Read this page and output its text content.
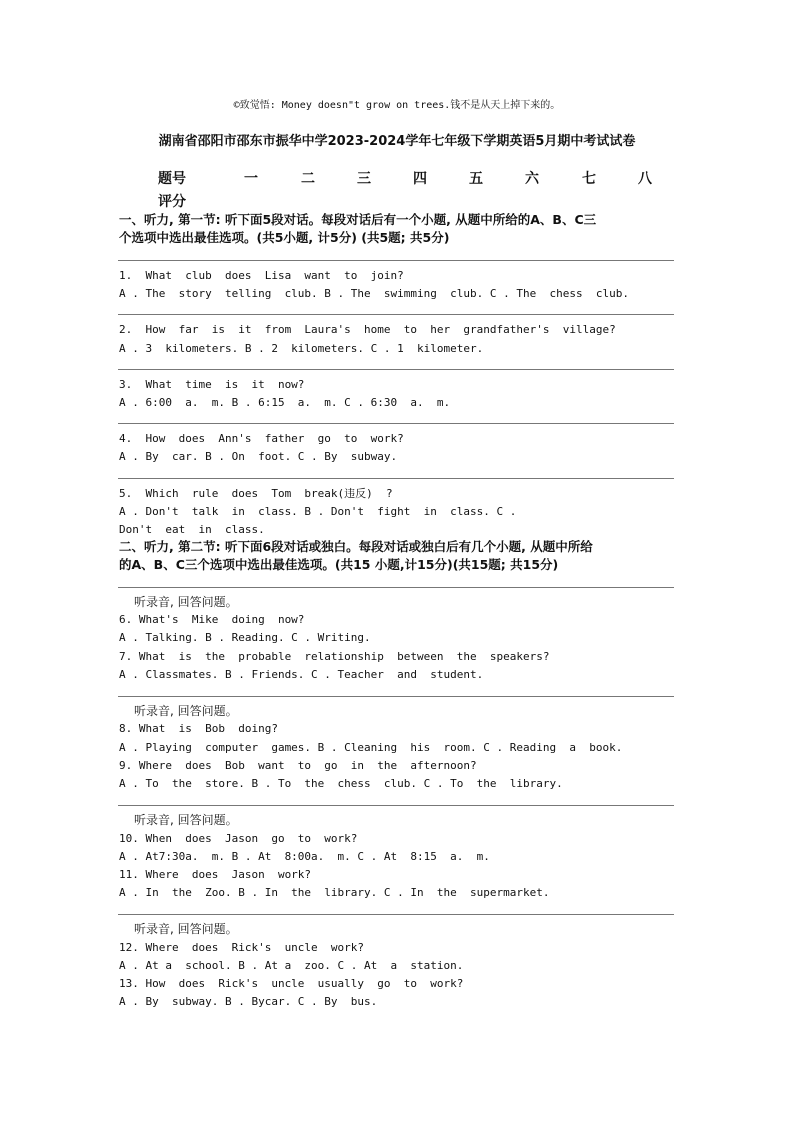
©致觉悟: Money doesn"t grow on trees.钱不是从天上掉下来的。
湖南省邵阳市邵东市振华中学2023-2024学年七年级下学期英语5月期中考试试卷
题号	一	二	三	四	五	六	七	八
评分
一、听力, 第一节: 听下面5段对话。每段对话后有一个小题, 从题中所给的A、B、C三
个选项中选出最佳选项。(共5小题, 计5分) (共5题; 共5分)
1.  What  club  does  Lisa  want  to  join?
A . The  story  telling  club. B . The  swimming  club. C . The  chess  club.
2.  How  far  is  it  from  Laura's  home  to  her  grandfather's  village?
A . 3  kilometers. B . 2  kilometers. C . 1  kilometer.
3.  What  time  is  it  now?
A . 6:00  a.  m. B . 6:15  a.  m. C . 6:30  a.  m.
4.  How  does  Ann's  father  go  to  work?
A . By  car. B . On  foot. C . By  subway.
5.  Which  rule  does  Tom  break(违反)  ?
A . Don't  talk  in  class. B . Don't  fight  in  class. C .
Don't  eat  in  class.
二、听力, 第二节: 听下面6段对话或独白。每段对话或独白后有几个小题, 从题中所给
的A、B、C三个选项中选出最佳选项。(共15 小题,计15分)(共15题; 共15分)
听录音, 回答问题。
6. What's  Mike  doing  now?
A . Talking. B . Reading. C . Writing.
7. What  is  the  probable  relationship  between  the  speakers?
A . Classmates. B . Friends. C . Teacher  and  student.
听录音, 回答问题。
8. What  is  Bob  doing?
A . Playing  computer  games. B . Cleaning  his  room. C . Reading  a  book.
9. Where  does  Bob  want  to  go  in  the  afternoon?
A . To  the  store. B . To  the  chess  club. C . To  the  library.
听录音, 回答问题。
10. When  does  Jason  go  to  work?
A . At7:30a.  m. B . At  8:00a.  m. C . At  8:15  a.  m.
11. Where  does  Jason  work?
A . In  the  Zoo. B . In  the  library. C . In  the  supermarket.
听录音, 回答问题。
12. Where  does  Rick's  uncle  work?
A . At a  school. B . At a  zoo. C . At  a  station.
13. How  does  Rick's  uncle  usually  go  to  work?
A . By  subway. B . Bycar. C . By  bus.
